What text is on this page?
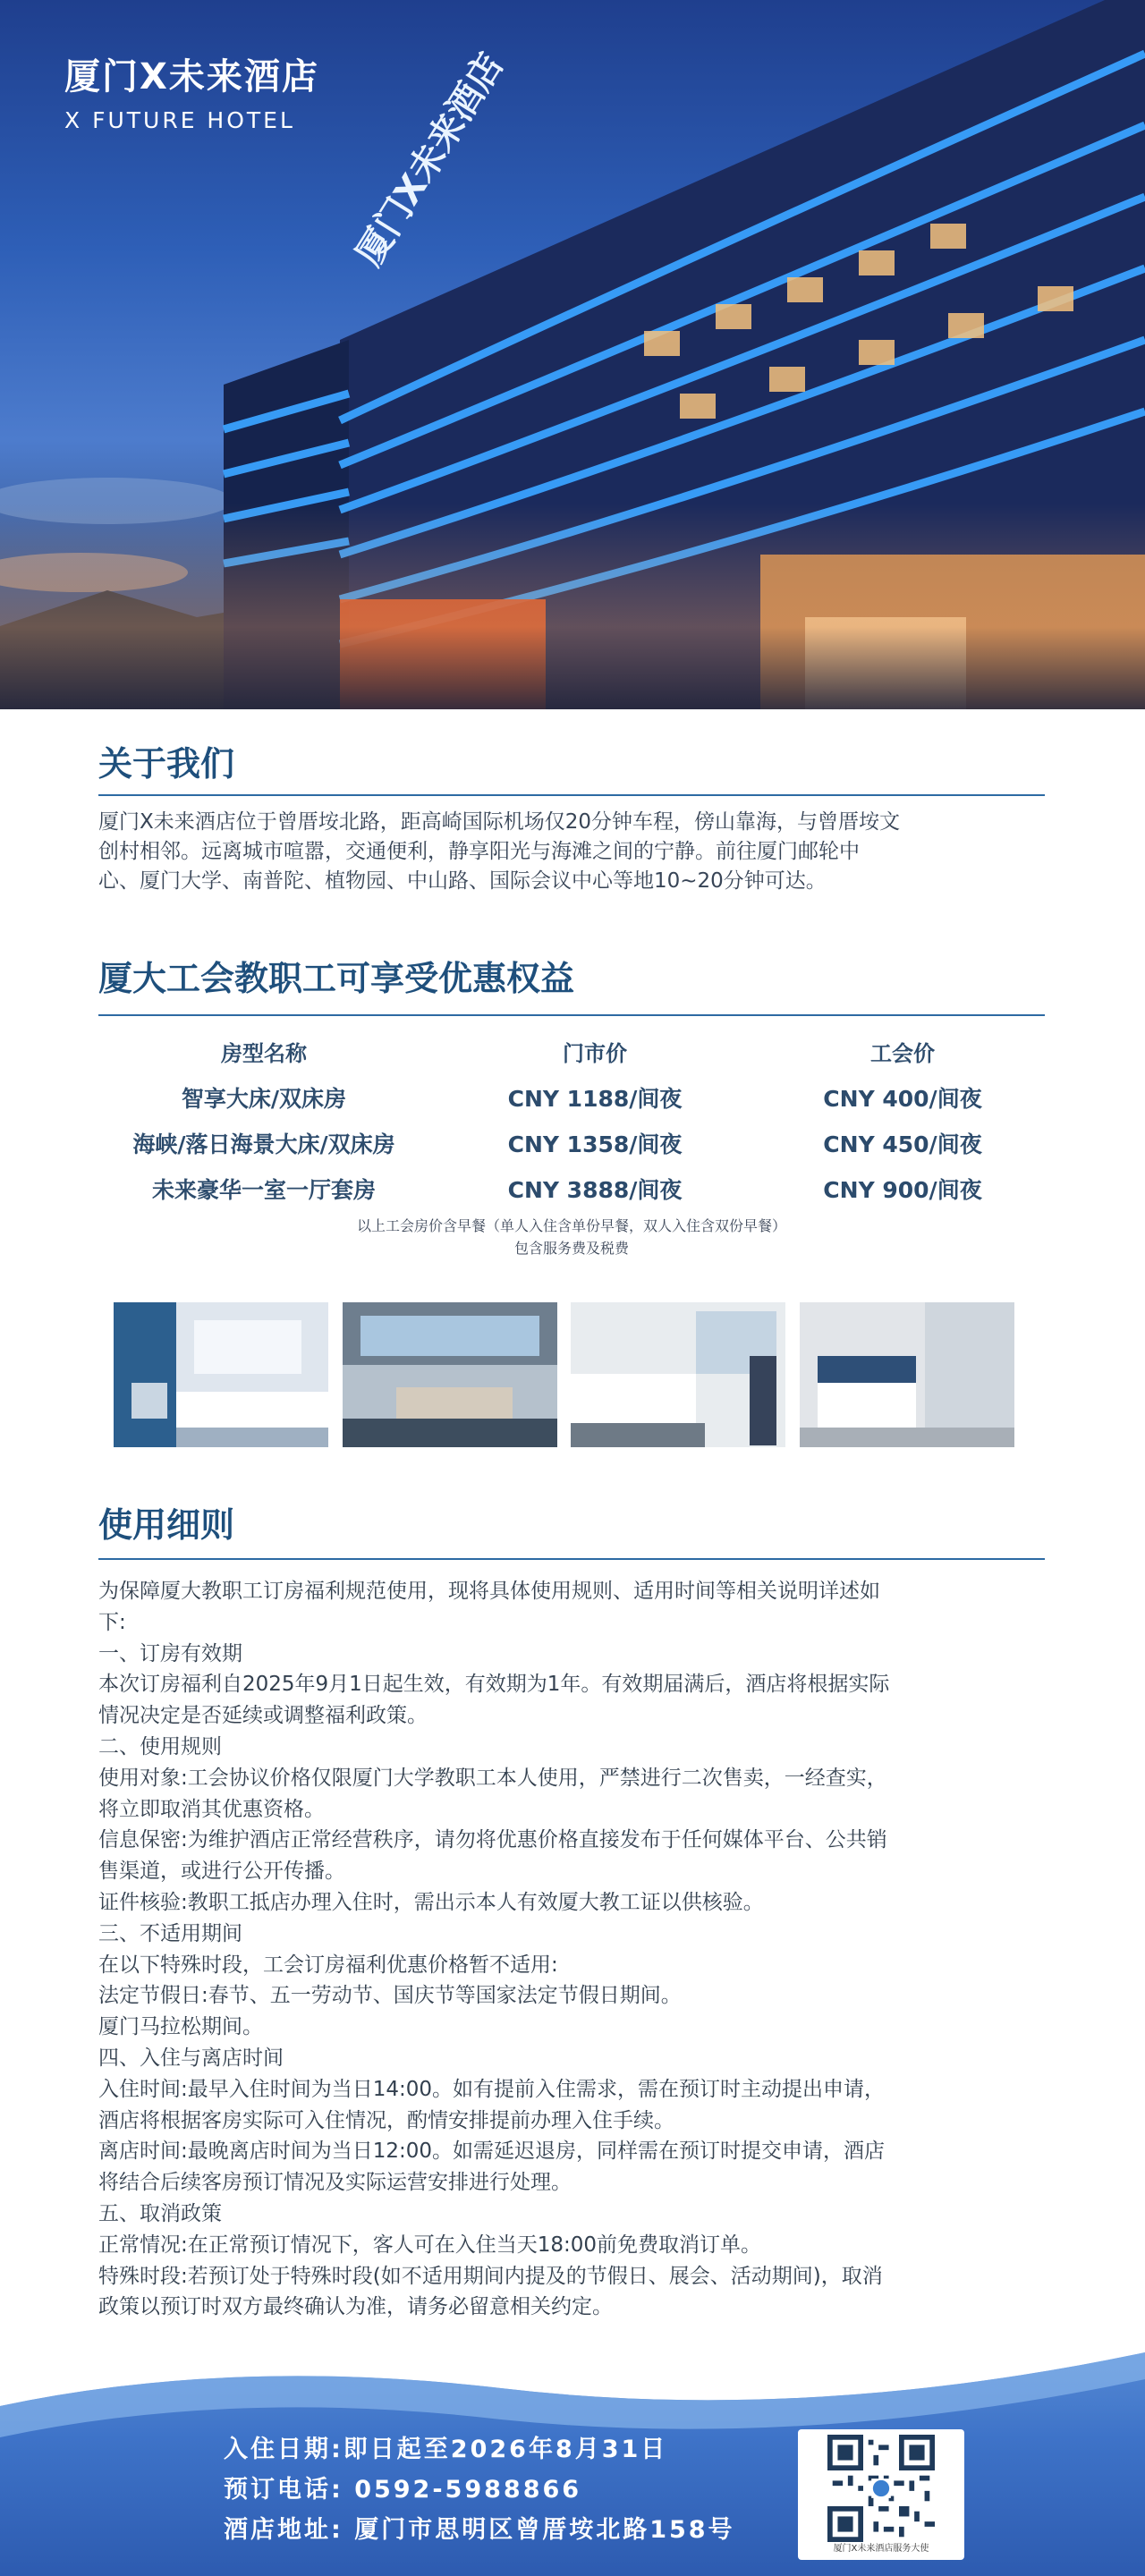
厦门X未来酒店
厦门X未来酒店
X FUTURE HOTEL
关于我们
厦门X未来酒店位于曾厝垵北路，距高崎国际机场仅20分钟车程，傍山靠海，与曾厝垵文
创村相邻。远离城市喧嚣，交通便利，静享阳光与海滩之间的宁静。前往厦门邮轮中
心、厦门大学、南普陀、植物园、中山路、国际会议中心等地10~20分钟可达。
厦大工会教职工可享受优惠权益
房型名称	门市价	工会价
智享大床/双床房	CNY 1188/间夜	CNY 400/间夜
海峡/落日海景大床/双床房	CNY 1358/间夜	CNY 450/间夜
未来豪华一室一厅套房	CNY 3888/间夜	CNY 900/间夜
以上工会房价含早餐（单人入住含单份早餐，双人入住含双份早餐）
包含服务费及税费
使用细则
为保障厦大教职工订房福利规范使用，现将具体使用规则、适用时间等相关说明详述如
下:
一、订房有效期
本次订房福利自2025年9月1日起生效，有效期为1年。有效期届满后，酒店将根据实际
情况决定是否延续或调整福利政策。
二、使用规则
使用对象:工会协议价格仅限厦门大学教职工本人使用，严禁进行二次售卖，一经查实，
将立即取消其优惠资格。
信息保密:为维护酒店正常经营秩序，请勿将优惠价格直接发布于任何媒体平台、公共销
售渠道，或进行公开传播。
证件核验:教职工抵店办理入住时，需出示本人有效厦大教工证以供核验。
三、不适用期间
在以下特殊时段，工会订房福利优惠价格暂不适用:
法定节假日:春节、五一劳动节、国庆节等国家法定节假日期间。
厦门马拉松期间。
四、入住与离店时间
入住时间:最早入住时间为当日14:00。如有提前入住需求，需在预订时主动提出申请，
酒店将根据客房实际可入住情况，酌情安排提前办理入住手续。
离店时间:最晚离店时间为当日12:00。如需延迟退房，同样需在预订时提交申请，酒店
将结合后续客房预订情况及实际运营安排进行处理。
五、取消政策
正常情况:在正常预订情况下，客人可在入住当天18:00前免费取消订单。
特殊时段:若预订处于特殊时段(如不适用期间内提及的节假日、展会、活动期间)，取消
政策以预订时双方最终确认为准，请务必留意相关约定。
入住日期:即日起至2026年8月31日
预订电话: 0592-5988866
酒店地址: 厦门市思明区曾厝垵北路158号
厦门X未来酒店服务大使
